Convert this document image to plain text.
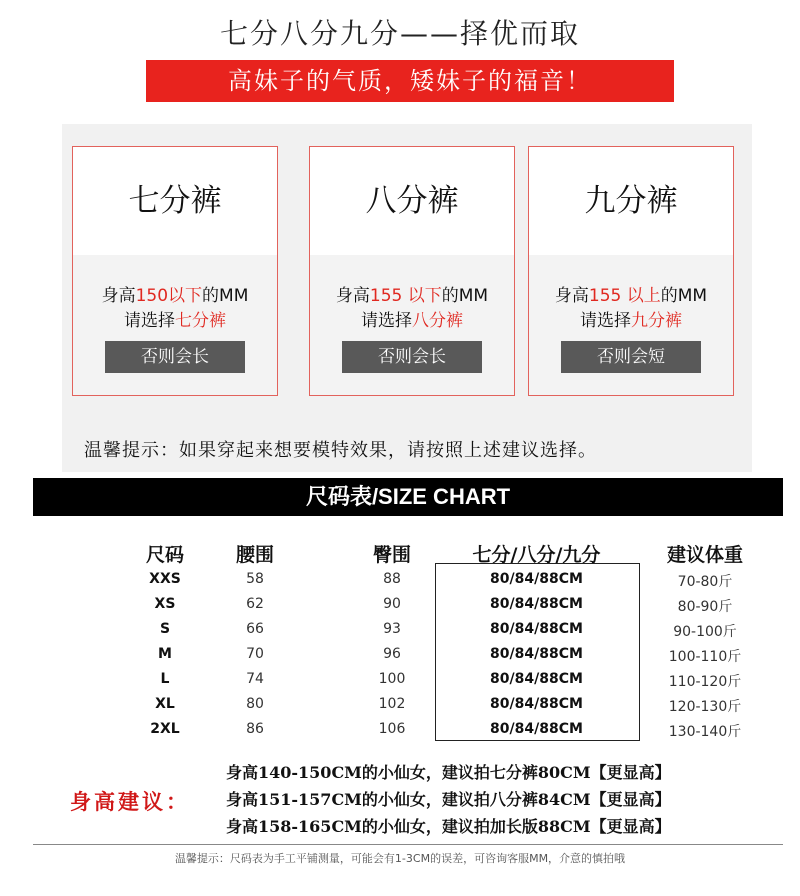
七分八分九分——择优而取
高妹子的气质，矮妹子的福音！
七分裤
身高150以下的MM
请选择七分裤
否则会长
八分裤
身高155 以下的MM
请选择八分裤
否则会长
九分裤
身高155 以上的MM
请选择九分裤
否则会短
温馨提示：如果穿起来想要模特效果，请按照上述建议选择。
尺码表/SIZE CHART
尺码	腰围	臀围	七分/八分/九分	建议体重
XXS	58	88	80/84/88CM	70-80斤
XS	62	90	80/84/88CM	80-90斤
S	66	93	80/84/88CM	90-100斤
M	70	96	80/84/88CM	100-110斤
L	74	100	80/84/88CM	110-120斤
XL	80	102	80/84/88CM	120-130斤
2XL	86	106	80/84/88CM	130-140斤
身高建议：
身高140-150CM的小仙女，建议拍七分裤80CM【更显高】
身高151-157CM的小仙女，建议拍八分裤84CM【更显高】
身高158-165CM的小仙女，建议拍加长版88CM【更显高】
温馨提示：尺码表为手工平铺测量，可能会有1-3CM的误差，可咨询客服MM，介意的慎拍哦
